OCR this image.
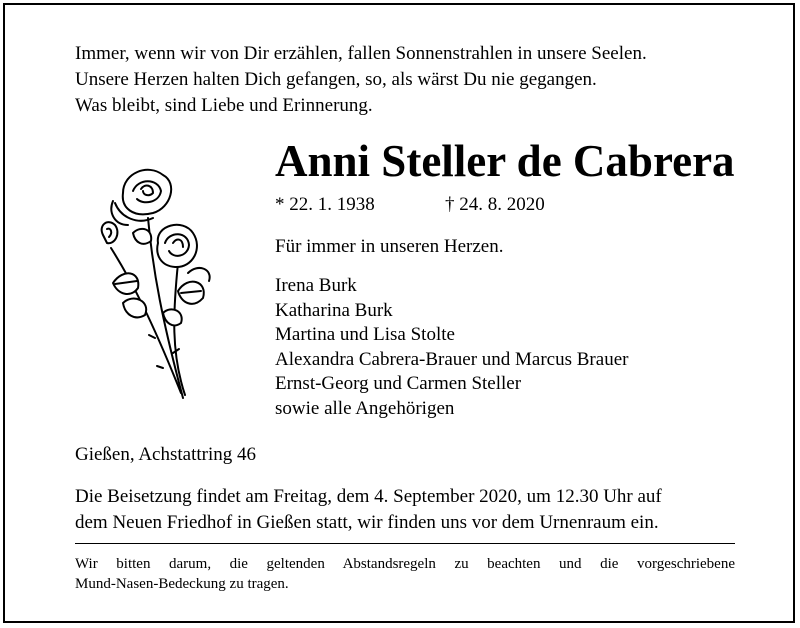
Immer, wenn wir von Dir erzählen, fallen Sonnenstrahlen in unsere Seelen.
Unsere Herzen halten Dich gefangen, so, als wärst Du nie gegangen.
Was bleibt, sind Liebe und Erinnerung.
Anni Steller de Cabrera
* 22. 1. 1938	† 24. 8. 2020
Für immer in unseren Herzen.
Irena Burk
Katharina Burk
Martina und Lisa Stolte
Alexandra Cabrera-Brauer und Marcus Brauer
Ernst-Georg und Carmen Steller
sowie alle Angehörigen
Gießen, Achstattring 46
Die Beisetzung findet am Freitag, dem 4. September 2020, um 12.30 Uhr auf
dem Neuen Friedhof in Gießen statt, wir finden uns vor dem Urnenraum ein.
Wir bitten darum, die geltenden Abstandsregeln zu beachten und die vorgeschriebene
Mund-Nasen-Bedeckung zu tragen.
